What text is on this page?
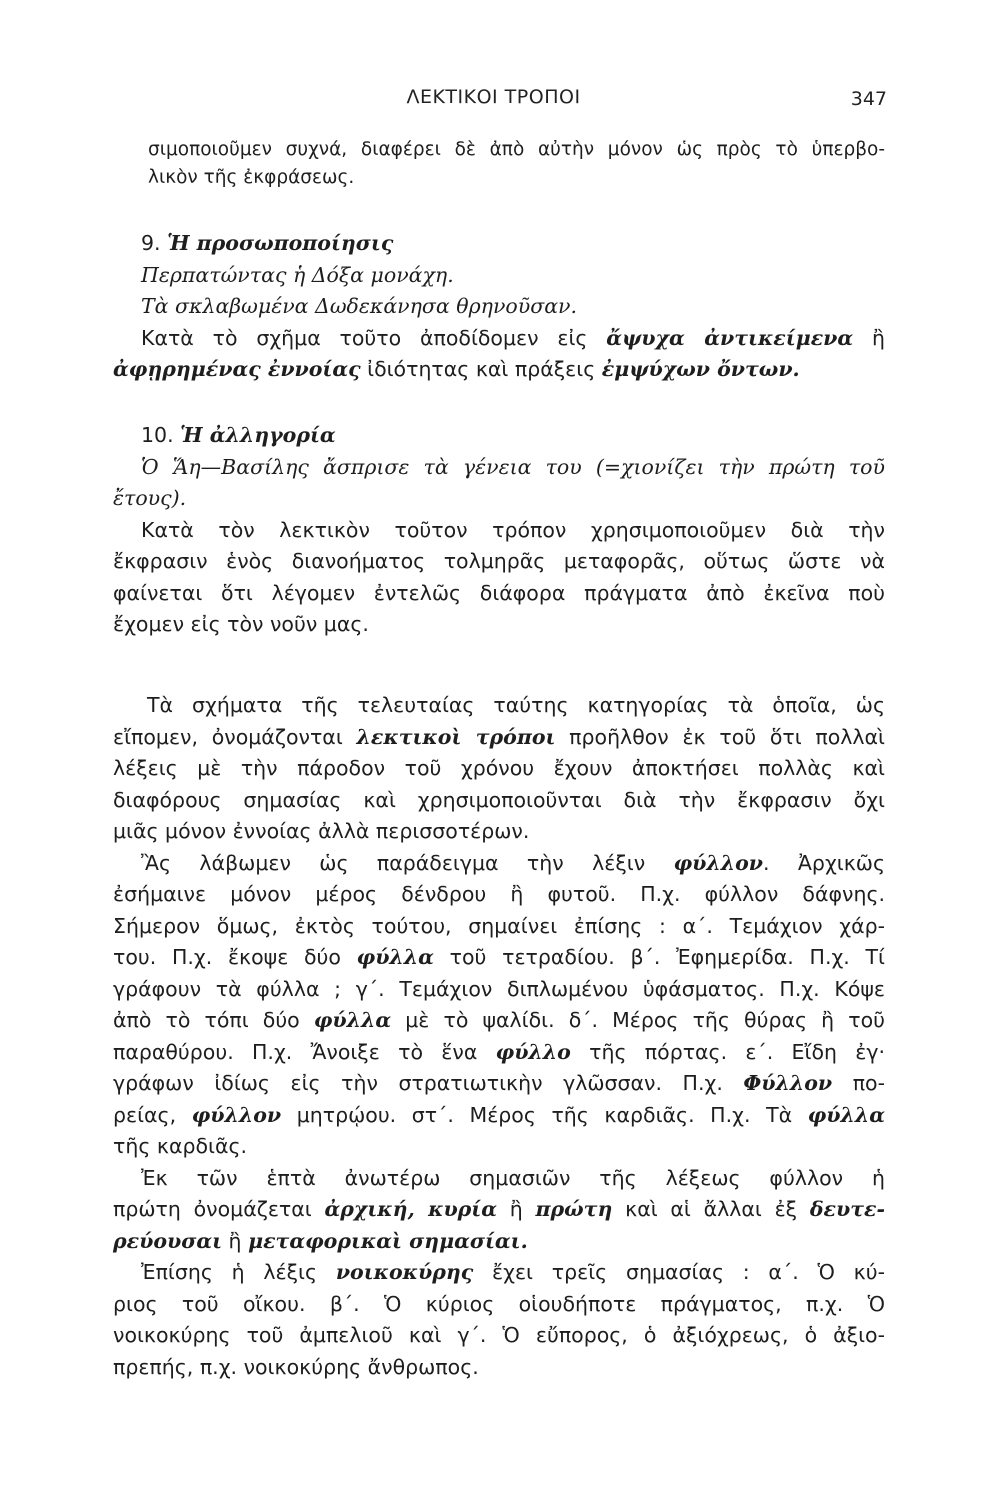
ΛΕΚΤΙΚΟΙ ΤΡΟΠΟΙ	347

σιμοποιοῦμεν συχνά, διαφέρει δὲ ἀπὸ αὐτὴν μόνον ὡς πρὸς τὸ ὑπερβο-

λικὸν τῆς ἐκφράσεως.

9. Ἡ προσωποποίησις

Περπατώντας ἡ Δόξα μονάχη.

Τὰ σκλαβωμένα Δωδεκάνησα θρηνοῦσαν.

Κατὰ τὸ σχῆμα τοῦτο ἀποδίδομεν εἰς ἄψυχα ἀντικείμενα ἢ

ἀφῃρημένας ἐννοίας ἰδιότητας καὶ πράξεις ἐμψύχων ὄντων.

10. Ἡ ἀλληγορία

Ὁ Ἅη—Βασίλης ἄσπρισε τὰ γένεια του (=χιονίζει τὴν πρώτη τοῦ

ἔτους).

Κατὰ τὸν λεκτικὸν τοῦτον τρόπον χρησιμοποιοῦμεν διὰ τὴν

ἔκφρασιν ἑνὸς διανοήματος τολμηρᾶς μεταφορᾶς, οὕτως ὥστε νὰ

φαίνεται ὅτι λέγομεν ἐντελῶς διάφορα πράγματα ἀπὸ ἐκεῖνα ποὺ

ἔχομεν εἰς τὸν νοῦν μας.

Τὰ σχήματα τῆς τελευταίας ταύτης κατηγορίας τὰ ὁποῖα, ὡς

εἴπομεν, ὀνομάζονται λεκτικοὶ τρόποι προῆλθον ἐκ τοῦ ὅτι πολλαὶ

λέξεις μὲ τὴν πάροδον τοῦ χρόνου ἔχουν ἀποκτήσει πολλὰς καὶ

διαφόρους σημασίας καὶ χρησιμοποιοῦνται διὰ τὴν ἔκφρασιν ὄχι

μιᾶς μόνον ἐννοίας ἀλλὰ περισσοτέρων.

Ἂς λάβωμεν ὡς παράδειγμα τὴν λέξιν φύλλον. Ἀρχικῶς

ἐσήμαινε μόνον μέρος δένδρου ἢ φυτοῦ. Π.χ. φύλλον δάφνης.

Σήμερον ὅμως, ἐκτὸς τούτου, σημαίνει ἐπίσης : α΄. Τεμάχιον χάρ-

του. Π.χ. ἔκοψε δύο φύλλα τοῦ τετραδίου. β΄. Ἐφημερίδα. Π.χ. Τί

γράφουν τὰ φύλλα ; γ΄. Τεμάχιον διπλωμένου ὑφάσματος. Π.χ. Κόψε

ἀπὸ τὸ τόπι δύο φύλλα μὲ τὸ ψαλίδι. δ΄. Μέρος τῆς θύρας ἢ τοῦ

παραθύρου. Π.χ. Ἄνοιξε τὸ ἕνα φύλλο τῆς πόρτας. ε΄. Εἴδη ἐγ·

γράφων ἰδίως εἰς τὴν στρατιωτικὴν γλῶσσαν. Π.χ. Φύλλον πο-

ρείας, φύλλον μητρῴου. στ΄. Μέρος τῆς καρδιᾶς. Π.χ. Τὰ φύλλα

τῆς καρδιᾶς.

Ἐκ τῶν ἑπτὰ ἀνωτέρω σημασιῶν τῆς λέξεως φύλλον ἡ

πρώτη ὀνομάζεται ἀρχική, κυρία ἢ πρώτη καὶ αἱ ἄλλαι ἐξ δευτε-

ρεύουσαι ἢ μεταφορικαὶ σημασίαι.

Ἐπίσης ἡ λέξις νοικοκύρης ἔχει τρεῖς σημασίας : α΄. Ὁ κύ-

ριος τοῦ οἴκου. β΄. Ὁ κύριος οἱουδήποτε πράγματος, π.χ. Ὁ

νοικοκύρης τοῦ ἀμπελιοῦ καὶ γ΄. Ὁ εὔπορος, ὁ ἀξιόχρεως, ὁ ἀξιο-

πρεπής, π.χ. νοικοκύρης ἄνθρωπος.
